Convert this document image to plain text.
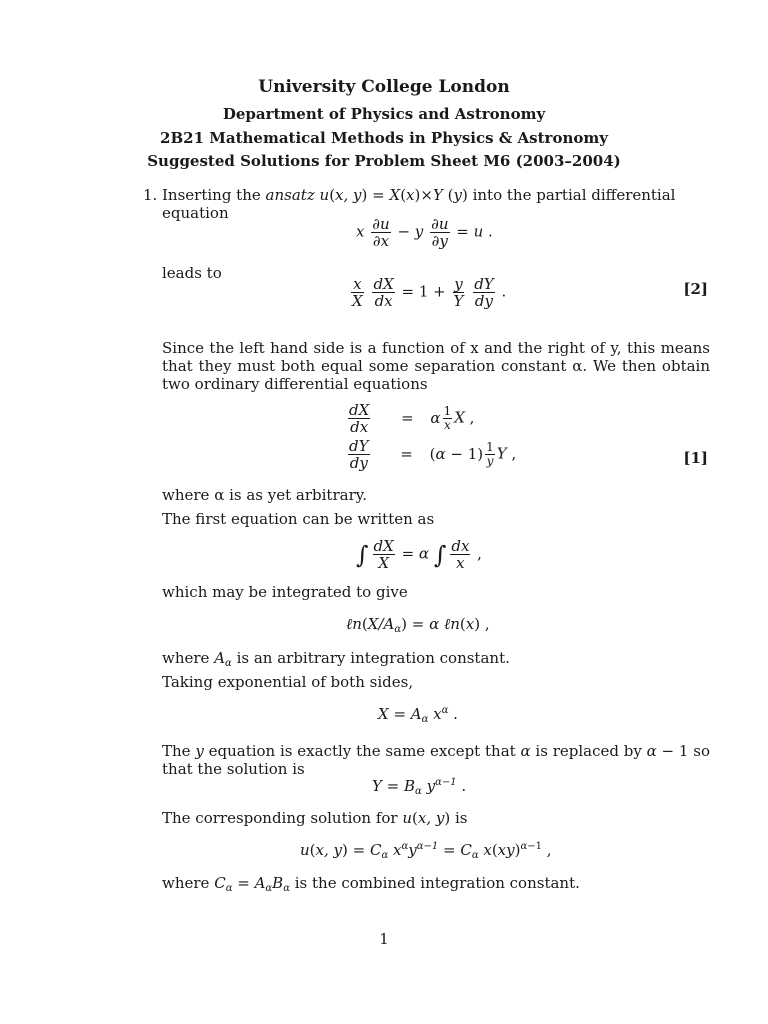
University College London
Department of Physics and Astronomy
2B21 Mathematical Methods in Physics & Astronomy
Suggested Solutions for Problem Sheet M6 (2003–2004)
1. Inserting the ansatz u(x, y) = X(x)×Y (y) into the partial differential equation
x $\frac{\partial u}{\partial x} - y \frac{\partial u}{\partial y} = u$ .
leads to
$\frac{x}{X}$
$\frac{dX}{dx} = 1 + \frac{y}{Y}$
$\frac{dY}{dy}$ .	[2]
Since the left hand side is a function of x and the right of y, this means that they must both equal some separation constant α. We then obtain two ordinary differential equations
$\frac{dX}{dx} = \alpha \frac{1}{x}$ X ,
$\frac{dY}{dy} = (\alpha - 1) \frac{1}{y}$ Y ,	[1]
where α is as yet arbitrary.
The first equation can be written as
∫ $\frac{dX}{X} = \alpha$ ∫ $\frac{dx}{x}$ ,
which may be integrated to give
$\ell n(X/A_\alpha) = \alpha$ ℓn(x) ,
where $A_\alpha$ is an arbitrary integration constant.
Taking exponential of both sides,
$X = A_\alpha$ $x^\alpha$ .
The y equation is exactly the same except that α is replaced by α − 1 so that the solution is
$Y = B_\alpha$ $y^{\alpha-1}$ .
The corresponding solution for u(x, y) is
u(x, $y) = C_\alpha$ $x^\alpha y^{\alpha-1} = C_\alpha$ x(xy)$^{\alpha-1}$ ,
where $C_\alpha = A_\alpha B_\alpha$ is the combined integration constant.
1
